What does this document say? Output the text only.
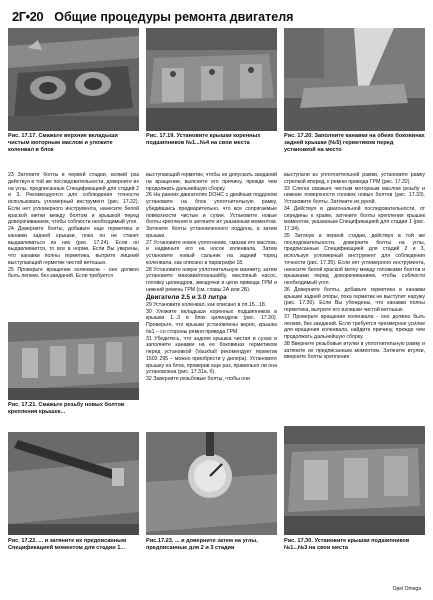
2Г•20 Общие процедуры ремонта двигателя
Рис. 17.17. Смажьте верхние вкладыши чистым моторным маслом и уложите коленвал в блок
Рис. 17.19. Установите крышки коренных подшипников №1...№4 на свои места
Рис. 17.20. Заполните канавки на обеих боковинах задней крышки (№5) герметиком перед установкой на место

23 Затяните болты в первой стадии, всякий раз действуя в той же последовательности, доверните их на углы, предписанные Спецификацией для стадий 2 и 3. Рекомендуется для соблюдения точности использовать угломерный инструмент (рис. 17.22). Если нет угломерного инструмента, нанесите белой краской метки между болтом и крышкой перед доворачиванием, чтобы соблюсти необходимый угол.

24 Доверните болты, добавьте еще герметика в канавки задней крышки, пока он не станет выдавливаться из них (рис. 17.24). Если он выдавливается, то все в норме. Если Вы уверены, что канавки полны герметика, вытрите лишний выступающий герметик чистой ветошью.

25 Проверьте вращение коленвала - оно должно быть легким, без заеданий. Если требуется

выступающий герметик, чтобы не допускать заеданий на вращении, выясните его причину, прежде чем продолжать дальнейшую сборку.

26 На ранних двигателях DOHC с двойным поддоном установите на блок уплотнительную рамку, убедившись предварительно, что все сопрягаемые поверхности чистые и сухие. Установите новые болты крепления и затяните их указанным моментом. Затяните болты установленного поддона, а затем крышки.

27 Установите новое уплотнение, смазав его маслом, и надвиньте его на носок коленвала. Затем установите новый сальник на задний торец коленвала, как описано в параграфе 18.

28 Установите новую уплотнительную манжету, затем установите маховик/планшайбу, масляный насос, головку цилиндров, звездочки и цепи привода ГРМ и нижний ремень ГРМ (см. главы 2А или 2Б).

Двигатели 2.5 и 3.0 литра

29 Установите коленвал, как описано в пп.15...18.

30 Уложите вкладыши коренных подшипников в крышки 1...3 в блок цилиндров (рис. 17.30). Проверьте, что крышки установлены верно, крышка №1 – со стороны ремня привода ГРМ.

31 Убедитесь, что задняя крышка чистая и сухая и заполните канавки на ее боковинах герметиком перед установкой (Vauxhall рекомендует герметик 1503 295 – можно приобрести у дилера). Установите крышку на блок, проверив еще раз, правильно ли она установлена (рис. 17.31а, б).

32 Заверните резьбовые болты, чтобы они

выступали из уплотнительной рамки, установите рамку стрелкой вперед, к ремню привода ГРМ (рис. 17.32).

33 Слегка смажьте чистым моторным маслом резьбу и нижние поверхности головок новых болтов (рис. 17.33). Установите болты. Затяните их рукой.

34 Действуя в диагональной последовательности, от середины к краям, затяните болты крепления крышек моментом, указанным Спецификацией для стадии 1 (рис. 17.34).

35 Затянув в первой стадии, действуя в той же последовательности, доверните болты на углы, предписанные Спецификацией для стадий 2 и 3, используя угломерный инструмент для соблюдения точности (рис. 17.35). Если нет угломерного инструмента, нанесите белой краской метку между головками болтов и крышками перед доворачиванием, чтобы соблюсти необходимый угол.

36 Доверните болты, добавьте герметика в канавки крышки задней опоры, пока герметик не выступит наружу (рис. 17.36). Если Вы убеждены, что канавки полны герметика, вытрите его излишки чистой ветошью.

37 Проверьте вращение коленвала - оно должно быть легким, без заеданий. Если требуется чрезмерное усилие для вращения коленвала, найдите причину, прежде чем продолжать дальнейшую сборку.

38 Вверните резьбовые втулки в уплотнительную рамку и затяните их предписанным моментом. Затяните втулки, вверните болты крепления

Рис. 17.21. Смажьте резьбу новых болтов крепления крышек...
Рис. 17.22. ... и затяните их предписанным Спецификацией моментом для стадии 1...
Рис.17.23. ... и доверните затем на углы, предписанные для 2 и 3 стадии
Рис. 17.30. Установите крышки подшипников №1...№3 на свои места
Opel Omega
